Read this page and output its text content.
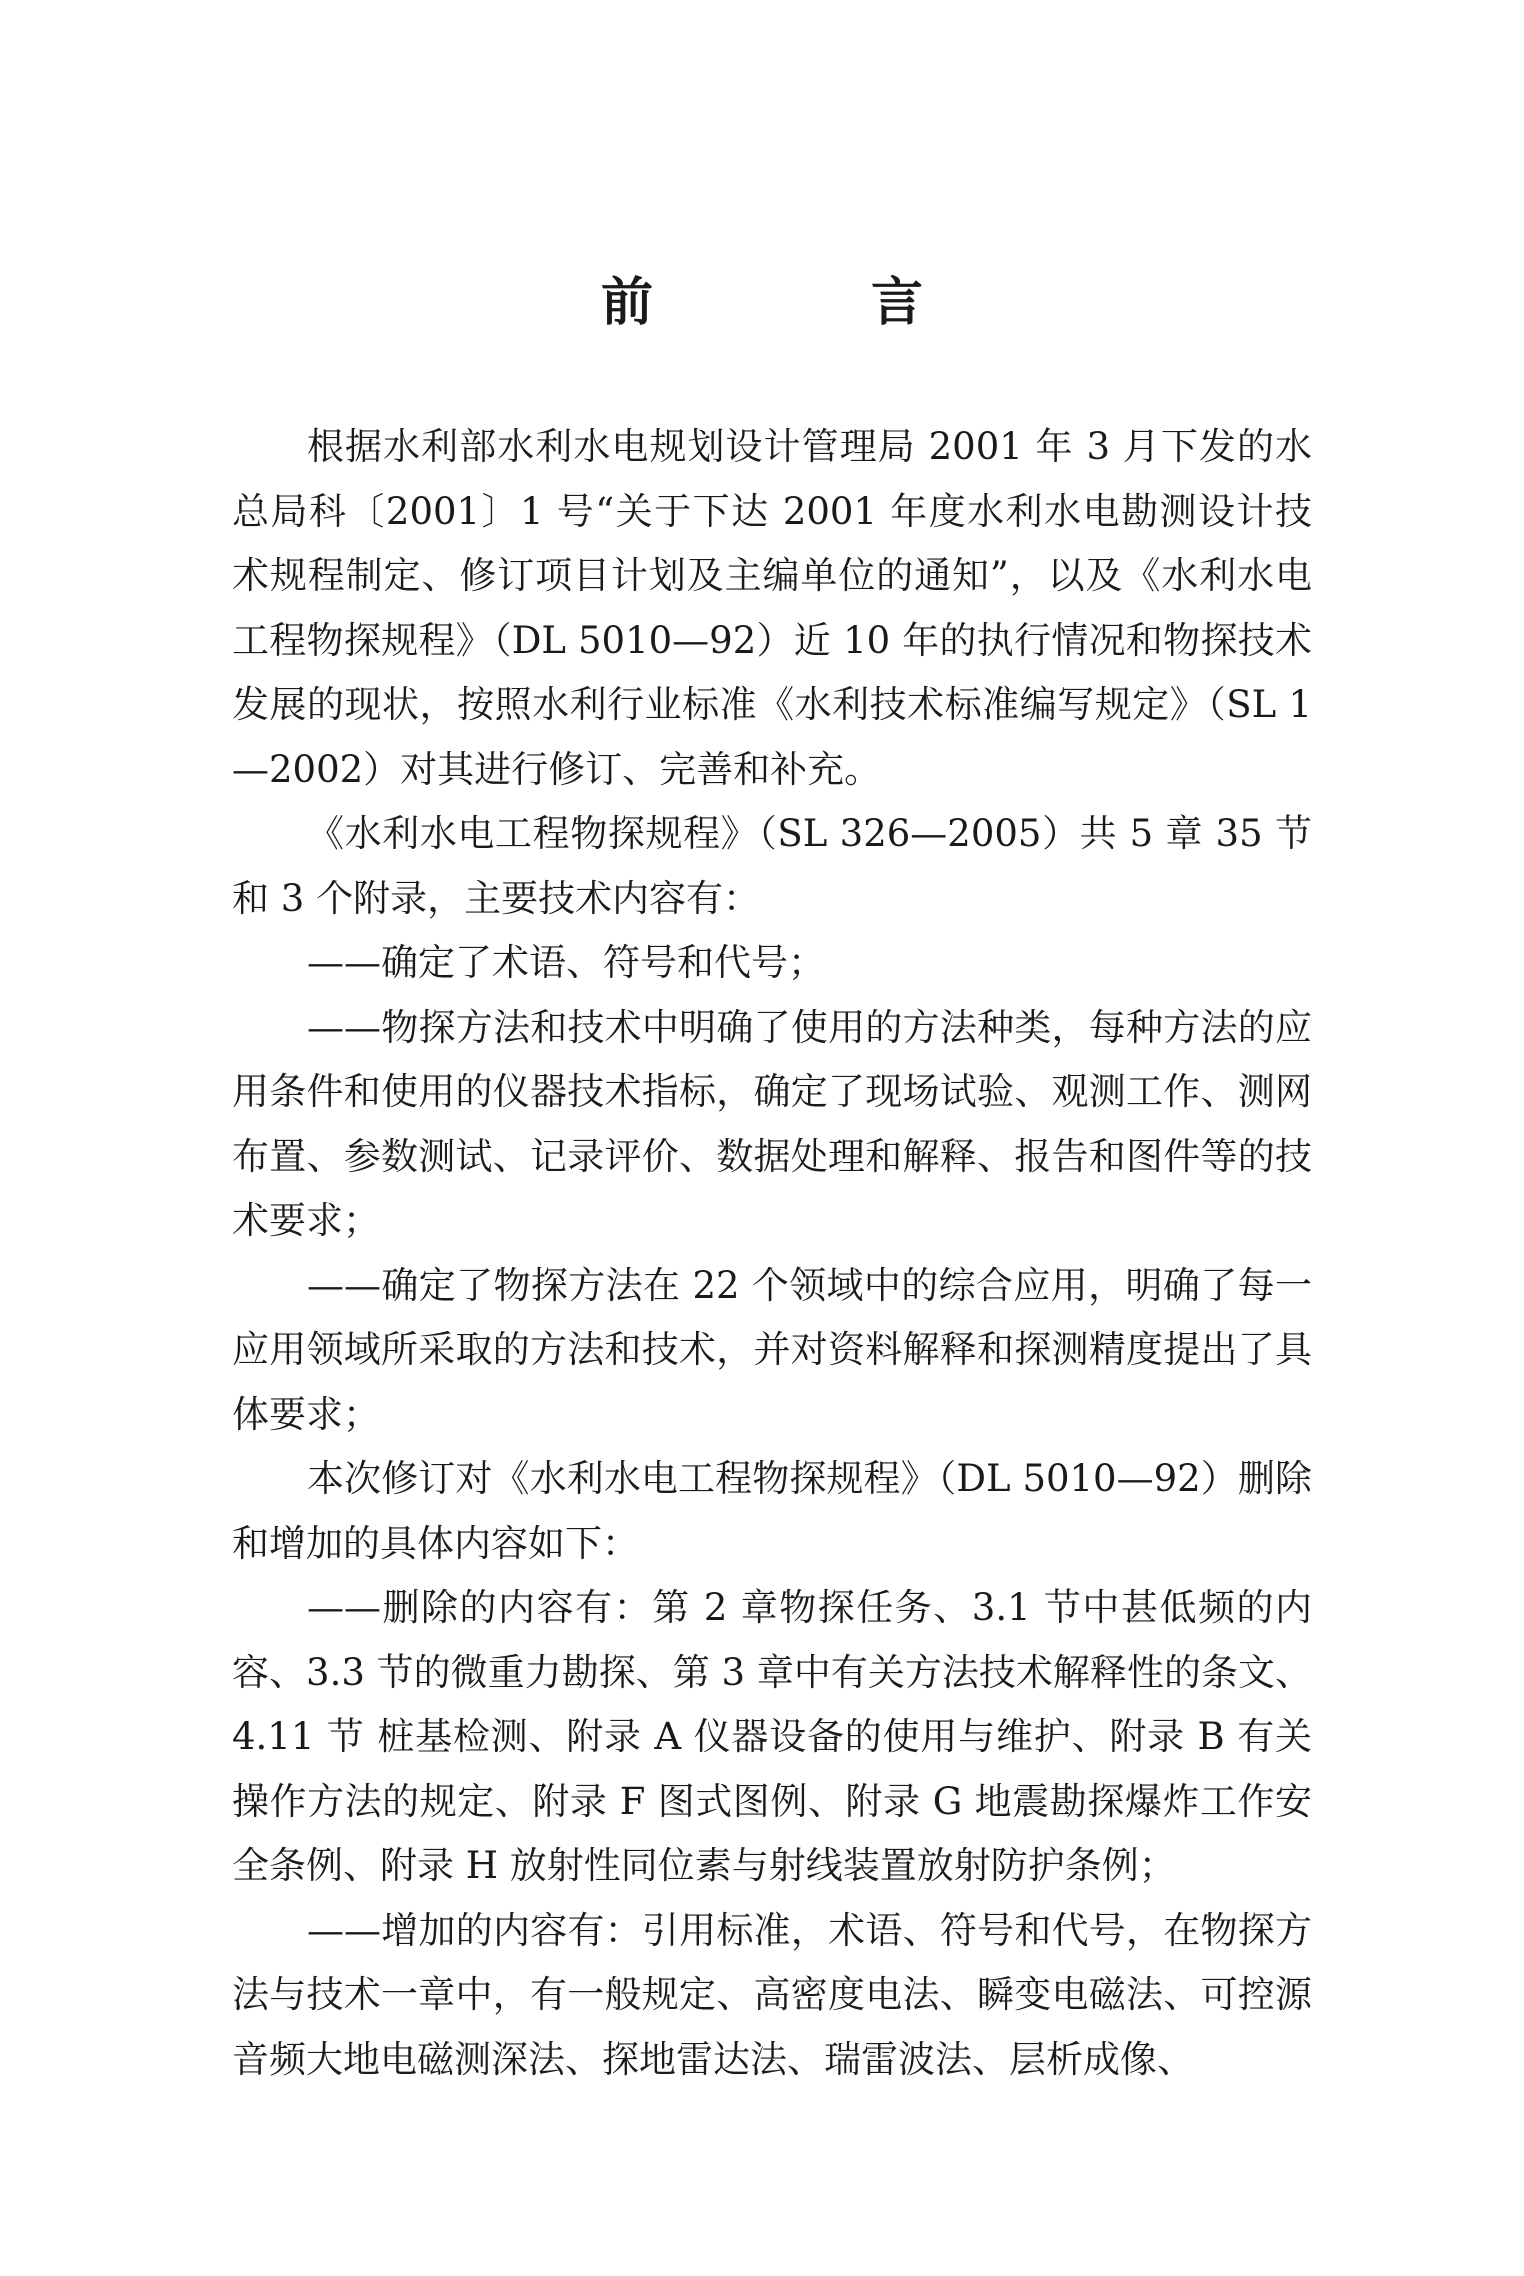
前 言

根据水利部水利水电规划设计管理局 2001 年 3 月下发的水总局科〔2001〕1 号“关于下达 2001 年度水利水电勘测设计技术规程制定、修订项目计划及主编单位的通知”，以及《水利水电工程物探规程》（DL 5010—92）近 10 年的执行情况和物探技术发展的现状，按照水利行业标准《水利技术标准编写规定》（SL 1—2002）对其进行修订、完善和补充。

《水利水电工程物探规程》（SL 326—2005）共 5 章 35 节和 3 个附录，主要技术内容有：

——确定了术语、符号和代号；

——物探方法和技术中明确了使用的方法种类，每种方法的应用条件和使用的仪器技术指标，确定了现场试验、观测工作、测网布置、参数测试、记录评价、数据处理和解释、报告和图件等的技术要求；

——确定了物探方法在 22 个领域中的综合应用，明确了每一应用领域所采取的方法和技术，并对资料解释和探测精度提出了具体要求；

本次修订对《水利水电工程物探规程》（DL 5010—92）删除和增加的具体内容如下：

——删除的内容有：第 2 章物探任务、3.1 节中甚低频的内容、3.3 节的微重力勘探、第 3 章中有关方法技术解释性的条文、4.11 节 桩基检测、附录 A 仪器设备的使用与维护、附录 B 有关操作方法的规定、附录 F 图式图例、附录 G 地震勘探爆炸工作安全条例、附录 H 放射性同位素与射线装置放射防护条例；

——增加的内容有：引用标准，术语、符号和代号，在物探方法与技术一章中，有一般规定、高密度电法、瞬变电磁法、可控源音频大地电磁测深法、探地雷达法、瑞雷波法、层析成像、
